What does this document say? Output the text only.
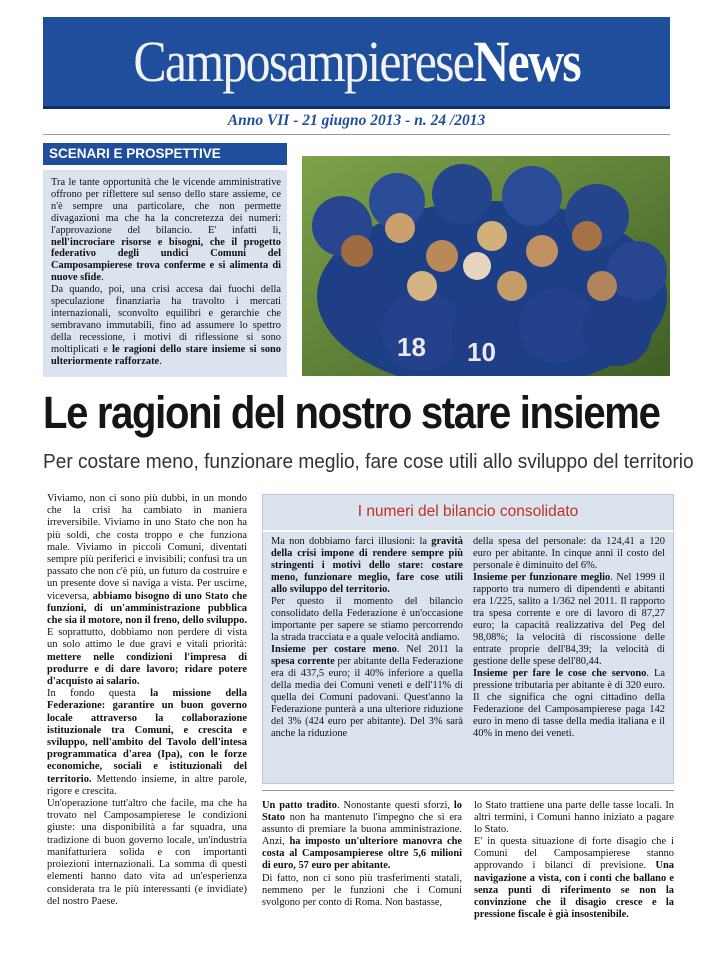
CamposampiereseNews
Anno VII - 21 giugno 2013 - n. 24 /2013
SCENARI E PROSPETTIVE
Tra le tante opportunità che le vicende amministrative offrono per riflettere sul senso dello stare assieme, ce n'è sempre una particolare, che non permette divagazioni ma che ha la concretezza dei numeri: l'approvazione del bilancio. E' infatti lì, nell'incrociare risorse e bisogni, che il progetto federativo degli undici Comuni del Camposampierese trova conferme e si alimenta di nuove sfide.
Da quando, poi, una crisi accesa dai fuochi della speculazione finanziaria ha travolto i mercati internazionali, sconvolto equilibri e gerarchie che sembravano immutabili, fino ad assumere lo spettro della recessione, i motivi di riflessione si sono moltiplicati e le ragioni dello stare insieme si sono ulteriormente rafforzate.	18 10
Le ragioni del nostro stare insieme
Per costare meno, funzionare meglio, fare cose utili allo sviluppo del territorio

Viviamo, non ci sono più dubbi, in un mondo che la crisi ha cambiato in maniera irreversibile. Viviamo in uno Stato che non ha più soldi, che costa troppo e che funziona male. Viviamo in piccoli Comuni, diventati sempre più periferici e invisibili; confusi tra un passato che non c'è più, un futuro da costruire e un presente dove si naviga a vista. Per uscirne, viceversa, abbiamo bisogno di uno Stato che funzioni, di un'amministrazione pubblica che sia il motore, non il freno, dello sviluppo.

E soprattutto, dobbiamo non perdere di vista un solo attimo le due gravi e vitali priorità: mettere nelle condizioni l'impresa di produrre e di dare lavoro; ridare potere d'acquisto ai salario.

In fondo questa la missione della Federazione: garantire un buon governo locale attraverso la collaborazione istituzionale tra Comuni, e crescita e sviluppo, nell'ambito del Tavolo dell'intesa programmatica d'area (Ipa), con le forze economiche, sociali e istituzionali del territorio. Mettendo insieme, in altre parole, rigore e crescita.

Un'operazione tutt'altro che facile, ma che ha trovato nel Camposampierese le condizioni giuste: una disponibilità a far squadra, una tradizione di buon governo locale, un'industria manifatturiera solida e con importanti proiezioni internazionali. La somma di questi elementi hanno dato vita ad un'esperienza considerata tra le più interessanti (e invidiate) del nostro Paese.

I numeri del bilancio consolidato

Ma non dobbiamo farci illusioni: la gravità della crisi impone di rendere sempre più stringenti i motivi dello stare: costare meno, funzionare meglio, fare cose utili allo sviluppo del territorio.

Per questo il momento del bilancio consolidato della Federazione è un'occasione importante per sapere se stiamo percorrendo la strada tracciata e a quale velocità andiamo.

Insieme per costare meno. Nel 2011 la spesa corrente per abitante della Federazione era di 437,5 euro; il 40% inferiore a quella della media dei Comuni veneti e dell'11% di quella dei Comuni padovani. Quest'anno la Federazione punterà a una ulteriore riduzione del 3% (424 euro per abitante). Del 3% sarà anche la riduzione

della spesa del personale: da 124,41 a 120 euro per abitante. In cinque anni il costo del personale è diminuito del 6%.

Insieme per funzionare meglio. Nel 1999 il rapporto tra numero di dipendenti e abitanti era 1/225, salito a 1/362 nel 2011. Il rapporto tra spesa corrente e ore di lavoro di 87,27 euro; la capacità realizzativa del Peg del 98,08%; la velocità di riscossione delle entrate proprie dell'84,39; la velocità di gestione delle spese dell'80,44.

Insieme per fare le cose che servono. La pressione tributaria per abitante è di 320 euro. Il che significa che ogni cittadino della Federazione del Camposampierese paga 142 euro in meno di tasse della media italiana e il 40% in meno dei veneti.

Un patto tradito. Nonostante questi sforzi, lo Stato non ha mantenuto l'impegno che si era assunto di premiare la buona amministrazione. Anzi, ha imposto un'ulteriore manovra che costa al Camposampierese oltre 5,6 milioni di euro, 57 euro per abitante.

Di fatto, non ci sono più trasferimenti statali, nemmeno per le funzioni che i Comuni svolgono per conto di Roma. Non bastasse,

lo Stato trattiene una parte delle tasse locali. In altri termini, i Comuni hanno iniziato a pagare lo Stato.

E' in questa situazione di forte disagio che i Comuni del Camposampierese stanno approvando i bilanci di previsione. Una navigazione a vista, con i conti che ballano e senza punti di riferimento se non la convinzione che il disagio cresce e la pressione fiscale è già insostenibile.
